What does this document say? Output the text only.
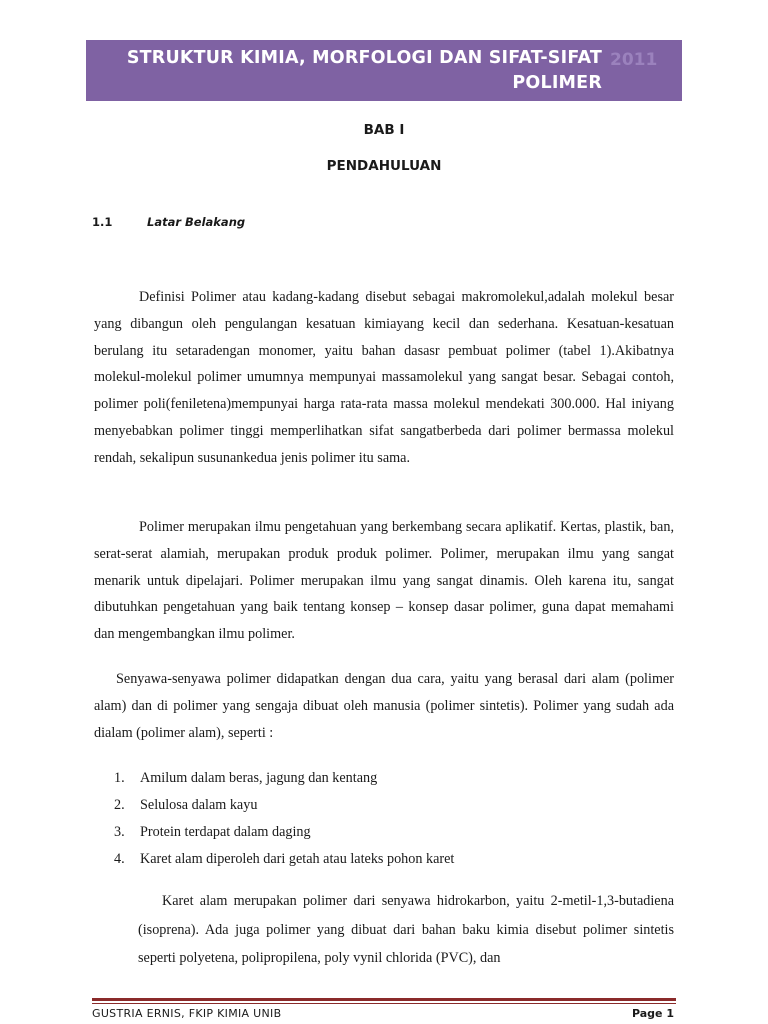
STRUKTUR KIMIA, MORFOLOGI DAN SIFAT-SIFAT
POLIMER
2011
BAB I
PENDAHULUAN
1.1	Latar Belakang

Definisi Polimer atau kadang-kadang disebut sebagai makromolekul,adalah molekul besar yang dibangun oleh pengulangan kesatuan kimiayang kecil dan sederhana. Kesatuan-kesatuan berulang itu setaradengan monomer, yaitu bahan dasasr pembuat polimer (tabel 1).Akibatnya molekul-molekul polimer umumnya mempunyai massamolekul yang sangat besar. Sebagai contoh, polimer poli(feniletena)mempunyai harga rata-rata massa molekul mendekati 300.000. Hal iniyang menyebabkan polimer tinggi memperlihatkan sifat sangatberbeda dari polimer bermassa molekul rendah, sekalipun susunankedua jenis polimer itu sama.

Polimer merupakan ilmu pengetahuan yang berkembang secara aplikatif. Kertas, plastik, ban, serat-serat alamiah, merupakan produk produk polimer. Polimer, merupakan ilmu yang sangat menarik untuk dipelajari. Polimer merupakan ilmu yang sangat dinamis. Oleh karena itu, sangat dibutuhkan pengetahuan yang baik tentang konsep – konsep dasar polimer, guna dapat memahami dan mengembangkan ilmu polimer.

Senyawa-senyawa polimer didapatkan dengan dua cara, yaitu yang berasal dari alam (polimer alam) dan di polimer yang sengaja dibuat oleh manusia (polimer sintetis). Polimer yang sudah ada dialam (polimer alam), seperti :

1.	Amilum dalam beras, jagung dan kentang
2.	Selulosa dalam kayu
3.	Protein terdapat dalam daging
4.	Karet alam diperoleh dari getah atau lateks pohon karet

Karet alam merupakan polimer dari senyawa hidrokarbon, yaitu 2-metil-1,3-butadiena (isoprena). Ada juga polimer yang dibuat dari bahan baku kimia disebut polimer sintetis seperti polyetena, polipropilena, poly vynil chlorida (PVC), dan

GUSTRIA ERNIS, FKIP KIMIA UNIB	Page 1
